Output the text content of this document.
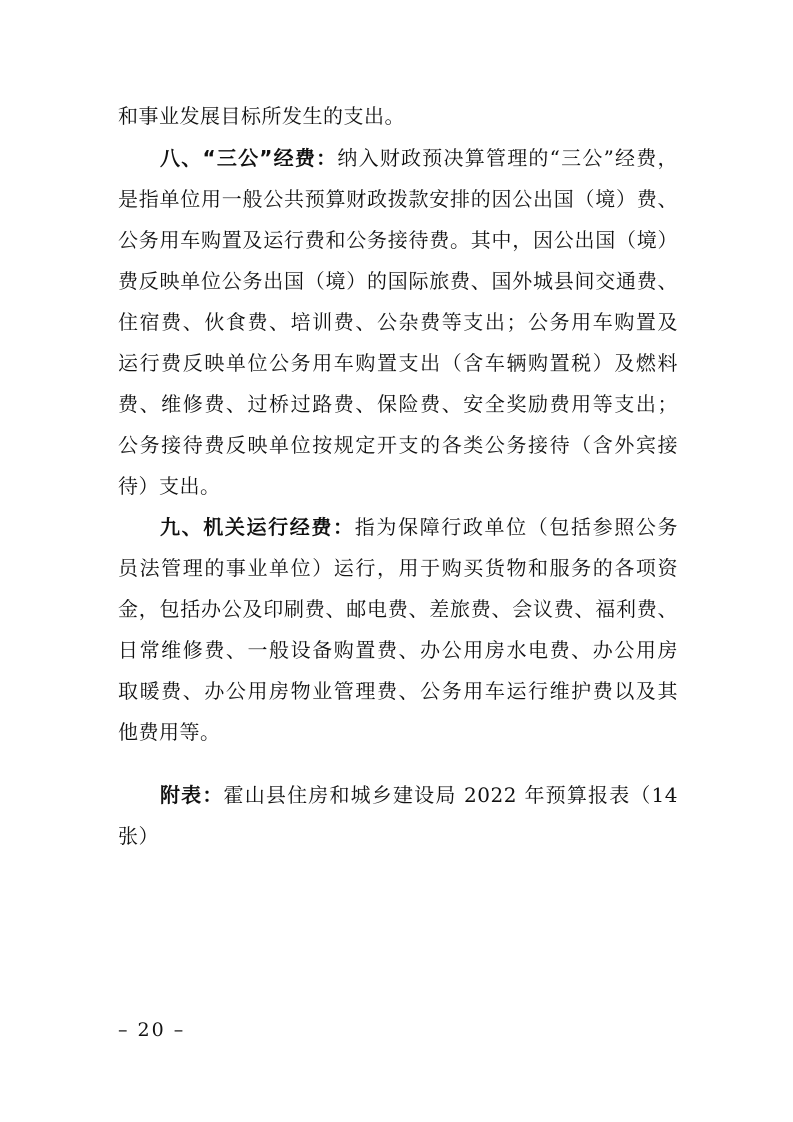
和事业发展目标所发生的支出。
八、“三公”经费：纳入财政预决算管理的“三公”经费，
是指单位用一般公共预算财政拨款安排的因公出国（境）费、
公务用车购置及运行费和公务接待费。其中，因公出国（境）
费反映单位公务出国（境）的国际旅费、国外城县间交通费、
住宿费、伙食费、培训费、公杂费等支出；公务用车购置及
运行费反映单位公务用车购置支出（含车辆购置税）及燃料
费、维修费、过桥过路费、保险费、安全奖励费用等支出；
公务接待费反映单位按规定开支的各类公务接待（含外宾接
待）支出。
九、机关运行经费：指为保障行政单位（包括参照公务
员法管理的事业单位）运行，用于购买货物和服务的各项资
金，包括办公及印刷费、邮电费、差旅费、会议费、福利费、
日常维修费、一般设备购置费、办公用房水电费、办公用房
取暖费、办公用房物业管理费、公务用车运行维护费以及其
他费用等。
附表：霍山县住房和城乡建设局 2022 年预算报表（14
张）
– 20 –
